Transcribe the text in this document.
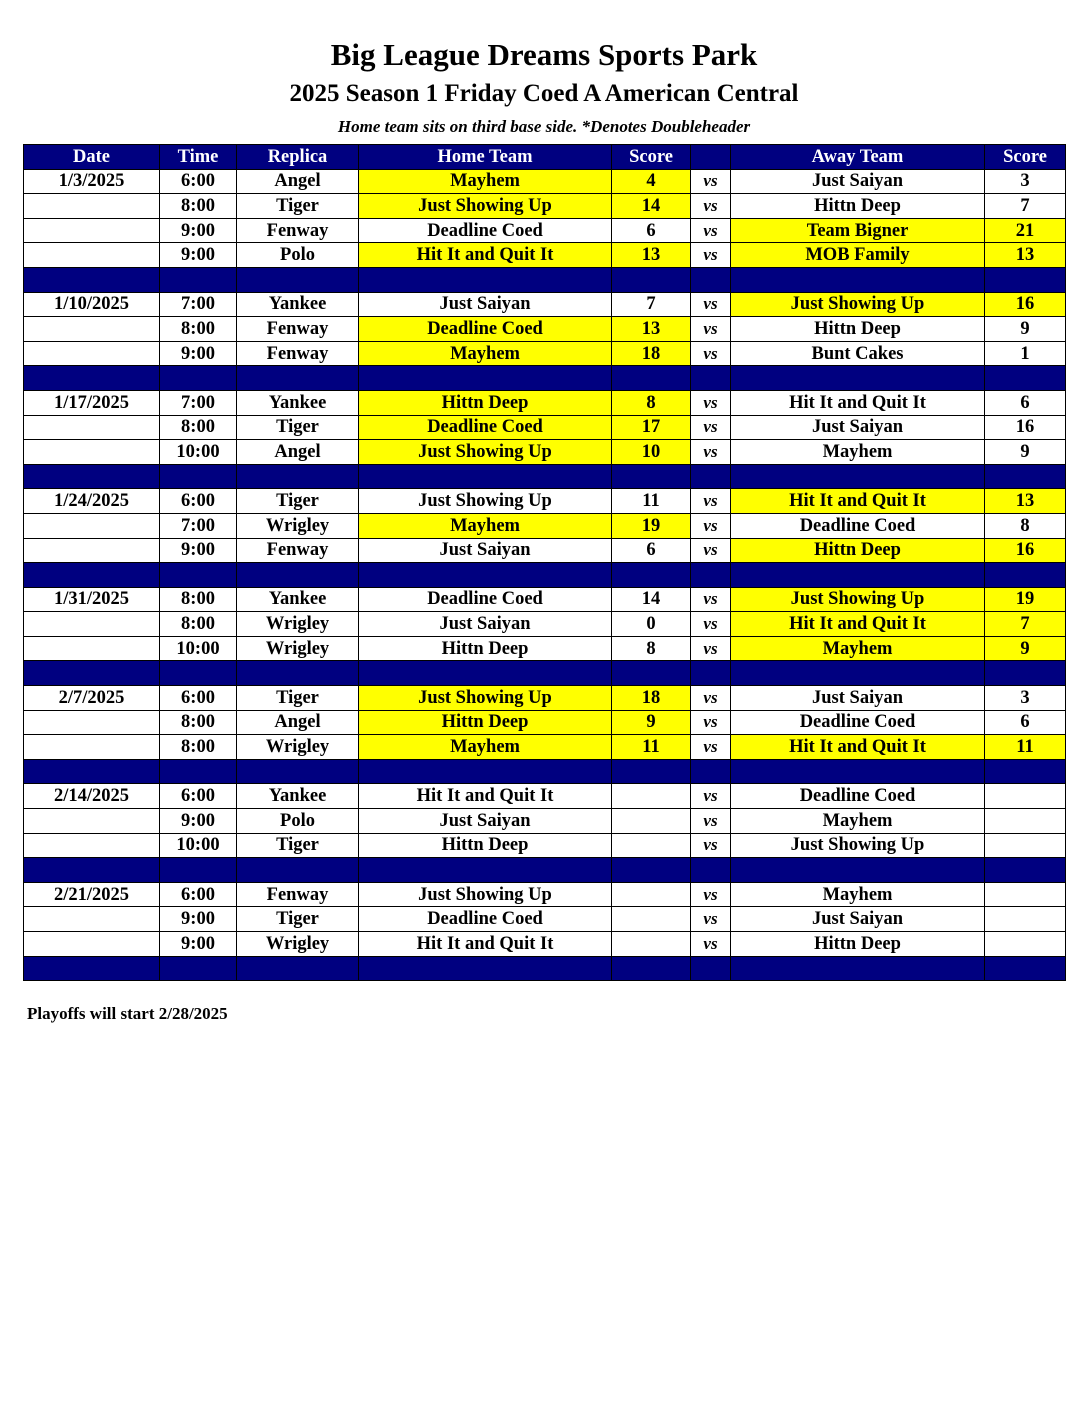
Big League Dreams Sports Park
2025 Season 1 Friday Coed A American Central
Home team sits on third base side. *Denotes Doubleheader
Date	Time	Replica	Home Team	Score		Away Team	Score
1/3/2025	6:00	Angel	Mayhem	4	vs	Just Saiyan	3
	8:00	Tiger	Just Showing Up	14	vs	Hittn Deep	7
	9:00	Fenway	Deadline Coed	6	vs	Team Bigner	21
	9:00	Polo	Hit It and Quit It	13	vs	MOB Family	13

1/10/2025	7:00	Yankee	Just Saiyan	7	vs	Just Showing Up	16
	8:00	Fenway	Deadline Coed	13	vs	Hittn Deep	9
	9:00	Fenway	Mayhem	18	vs	Bunt Cakes	1

1/17/2025	7:00	Yankee	Hittn Deep	8	vs	Hit It and Quit It	6
	8:00	Tiger	Deadline Coed	17	vs	Just Saiyan	16
	10:00	Angel	Just Showing Up	10	vs	Mayhem	9

1/24/2025	6:00	Tiger	Just Showing Up	11	vs	Hit It and Quit It	13
	7:00	Wrigley	Mayhem	19	vs	Deadline Coed	8
	9:00	Fenway	Just Saiyan	6	vs	Hittn Deep	16

1/31/2025	8:00	Yankee	Deadline Coed	14	vs	Just Showing Up	19
	8:00	Wrigley	Just Saiyan	0	vs	Hit It and Quit It	7
	10:00	Wrigley	Hittn Deep	8	vs	Mayhem	9

2/7/2025	6:00	Tiger	Just Showing Up	18	vs	Just Saiyan	3
	8:00	Angel	Hittn Deep	9	vs	Deadline Coed	6
	8:00	Wrigley	Mayhem	11	vs	Hit It and Quit It	11

2/14/2025	6:00	Yankee	Hit It and Quit It		vs	Deadline Coed	
	9:00	Polo	Just Saiyan		vs	Mayhem	
	10:00	Tiger	Hittn Deep		vs	Just Showing Up	

2/21/2025	6:00	Fenway	Just Showing Up		vs	Mayhem	
	9:00	Tiger	Deadline Coed		vs	Just Saiyan	
	9:00	Wrigley	Hit It and Quit It		vs	Hittn Deep	

Playoffs will start 2/28/2025
